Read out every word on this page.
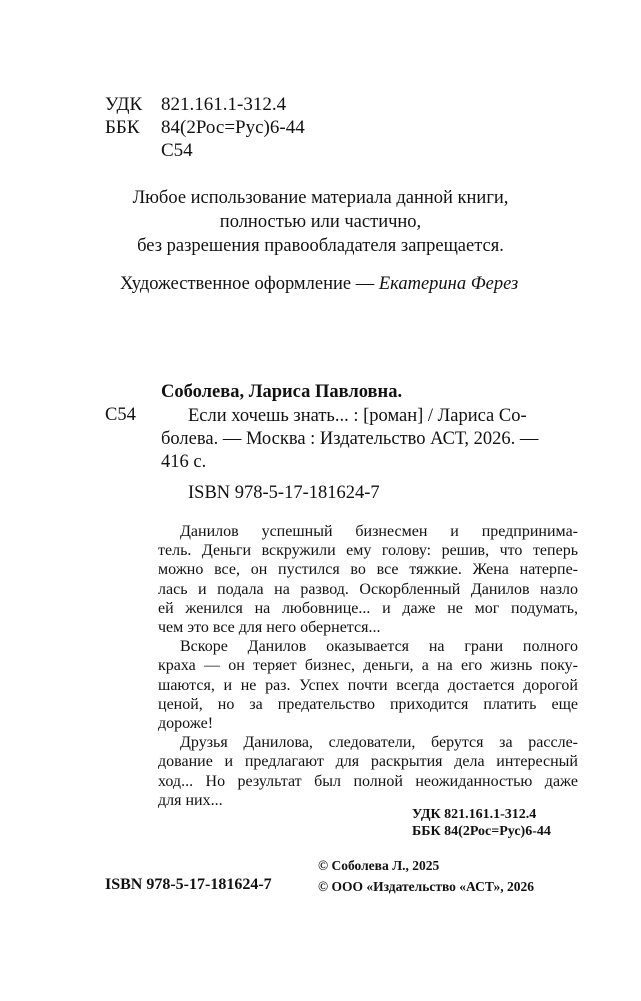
УДК 821.161.1-312.4
ББК 84(2Рос=Рус)6-44
С54
Любое использование материала данной книги,
полностью или частично,
без разрешения правообладателя запрещается.
Художественное оформление — Екатерина Ферез
Соболева, Лариса Павловна.
С54	Если хочешь знать... : [роман] / Лариса Со-
болева. — Москва : Издательство АСТ, 2026. —
416 с.
ISBN 978-5-17-181624-7
Данилов успешный бизнесмен и предпринима-
тель. Деньги вскружили ему голову: решив, что теперь
можно все, он пустился во все тяжкие. Жена натерпе-
лась и подала на развод. Оскорбленный Данилов назло
ей женился на любовнице... и даже не мог подумать,
чем это все для него обернется...
Вскоре Данилов оказывается на грани полного
краха — он теряет бизнес, деньги, а на его жизнь поку-
шаются, и не раз. Успех почти всегда достается дорогой
ценой, но за предательство приходится платить еще
дороже!
Друзья Данилова, следователи, берутся за рассле-
дование и предлагают для раскрытия дела интересный
ход... Но результат был полной неожиданностью даже
для них...
УДК 821.161.1-312.4
ББК 84(2Рос=Рус)6-44
ISBN 978-5-17-181624-7
© Соболева Л., 2025
© ООО «Издательство «АСТ», 2026
